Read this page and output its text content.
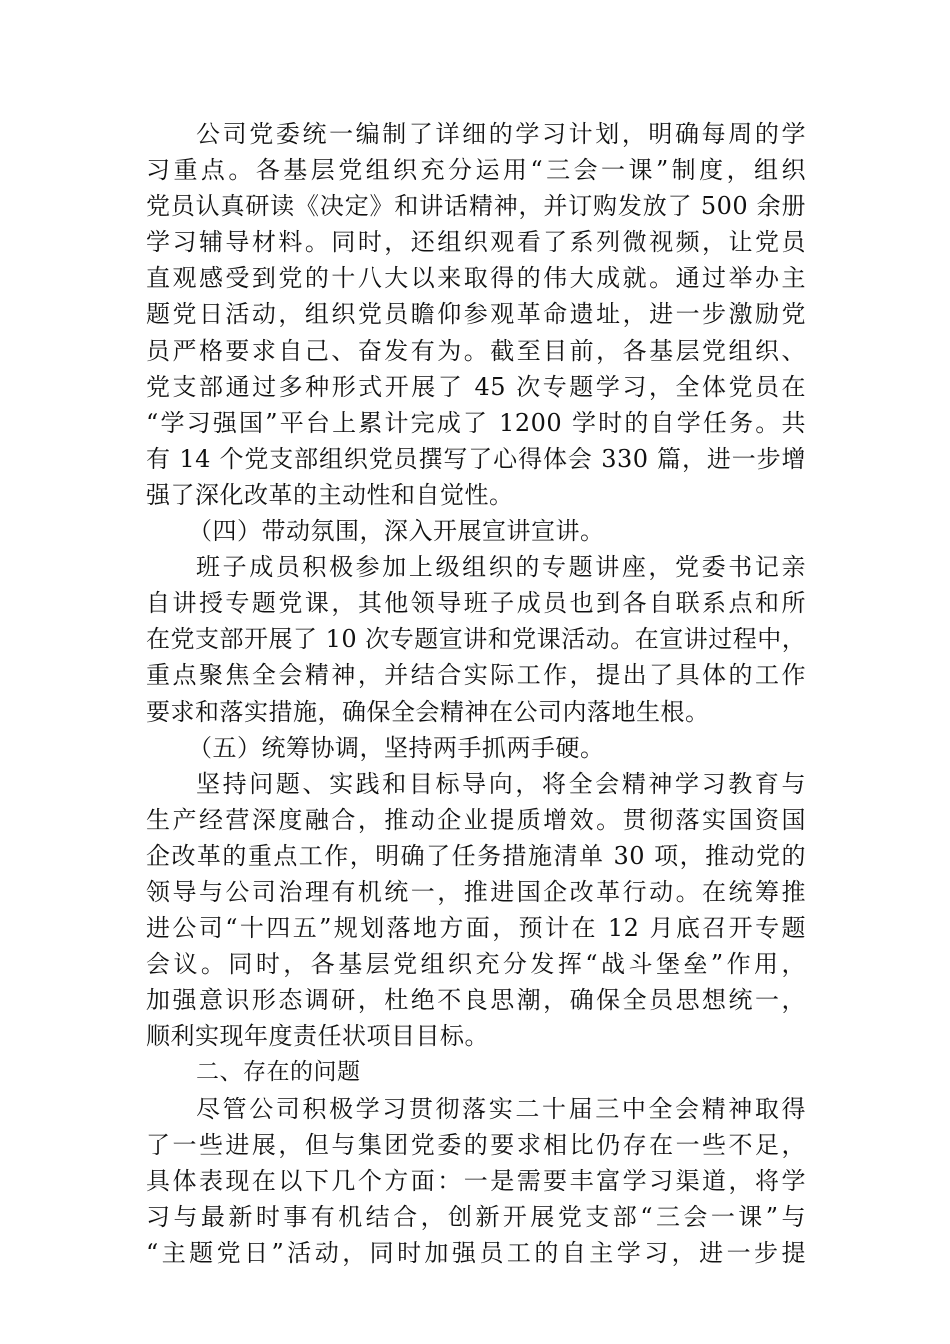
公司党委统一编制了详细的学习计划，明确每周的学
习重点。各基层党组织充分运用“三会一课”制度，组织
党员认真研读《决定》和讲话精神，并订购发放了 500 余册
学习辅导材料。同时，还组织观看了系列微视频，让党员
直观感受到党的十八大以来取得的伟大成就。通过举办主
题党日活动，组织党员瞻仰参观革命遗址，进一步激励党
员严格要求自己、奋发有为。截至目前，各基层党组织、
党支部通过多种形式开展了 45 次专题学习，全体党员在
“学习强国”平台上累计完成了 1200 学时的自学任务。共
有 14 个党支部组织党员撰写了心得体会 330 篇，进一步增
强了深化改革的主动性和自觉性。
（四）带动氛围，深入开展宣讲宣讲。
班子成员积极参加上级组织的专题讲座，党委书记亲
自讲授专题党课，其他领导班子成员也到各自联系点和所
在党支部开展了 10 次专题宣讲和党课活动。在宣讲过程中，
重点聚焦全会精神，并结合实际工作，提出了具体的工作
要求和落实措施，确保全会精神在公司内落地生根。
（五）统筹协调，坚持两手抓两手硬。
坚持问题、实践和目标导向，将全会精神学习教育与
生产经营深度融合，推动企业提质增效。贯彻落实国资国
企改革的重点工作，明确了任务措施清单 30 项，推动党的
领导与公司治理有机统一，推进国企改革行动。在统筹推
进公司“十四五”规划落地方面，预计在 12 月底召开专题
会议。同时，各基层党组织充分发挥“战斗堡垒”作用，
加强意识形态调研，杜绝不良思潮，确保全员思想统一，
顺利实现年度责任状项目目标。
二、存在的问题
尽管公司积极学习贯彻落实二十届三中全会精神取得
了一些进展，但与集团党委的要求相比仍存在一些不足，
具体表现在以下几个方面：一是需要丰富学习渠道，将学
习与最新时事有机结合，创新开展党支部“三会一课”与
“主题党日”活动，同时加强员工的自主学习，进一步提
